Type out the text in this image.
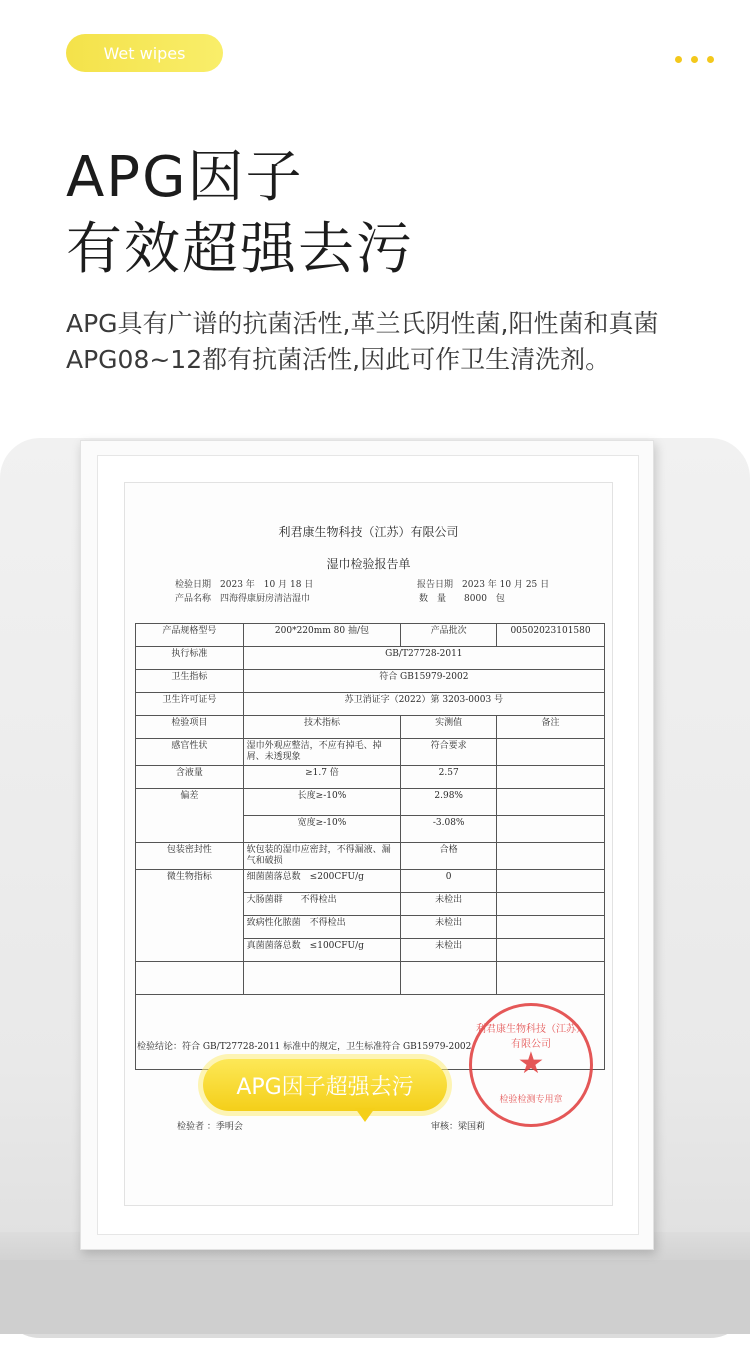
Wet wipes
APG因子
有效超强去污
APG具有广谱的抗菌活性,革兰氏阴性菌,阳性菌和真菌
APG08~12都有抗菌活性,因此可作卫生清洗剂。
利君康生物科技（江苏）有限公司
湿巾检验报告单
检验日期　 2023 年　10 月 18 日
产品名称　 四海得康厨房清洁湿巾
报告日期　 2023 年 10 月 25 日
数　量　　 8000　包
产品规格型号	200*220mm 80 抽/包	产品批次	00502023101580
执行标准	GB/T27728-2011		
卫生指标	符合 GB15979-2002		
卫生许可证号	苏卫消证字（2022）第 3203-0003 号		
检验项目	技术指标	实测值	备注
感官性状	湿巾外观应整洁，不应有掉毛、掉屑、未透现象	符合要求	
含液量	≥1.7 倍	2.57	
偏差	长度≥-10%	2.98%	
	宽度≥-10%	-3.08%	
包装密封性	软包装的湿巾应密封，不得漏液、漏气和破损	合格	
微生物指标	细菌菌落总数　 ≤200CFU/g	0	
	大肠菌群　　 不得检出	未检出	
	致病性化脓菌　 不得检出	未检出	
	真菌菌落总数　 ≤100CFU/g	未检出	

检验结论：符合 GB/T27728-2011 标准中的规定，卫生标准符合 GB15979-2002
利君康生物科技（江苏）有限公司
★
检验检测专用章
检验者 ：季明会	审核：梁国莉
APG因子超强去污
